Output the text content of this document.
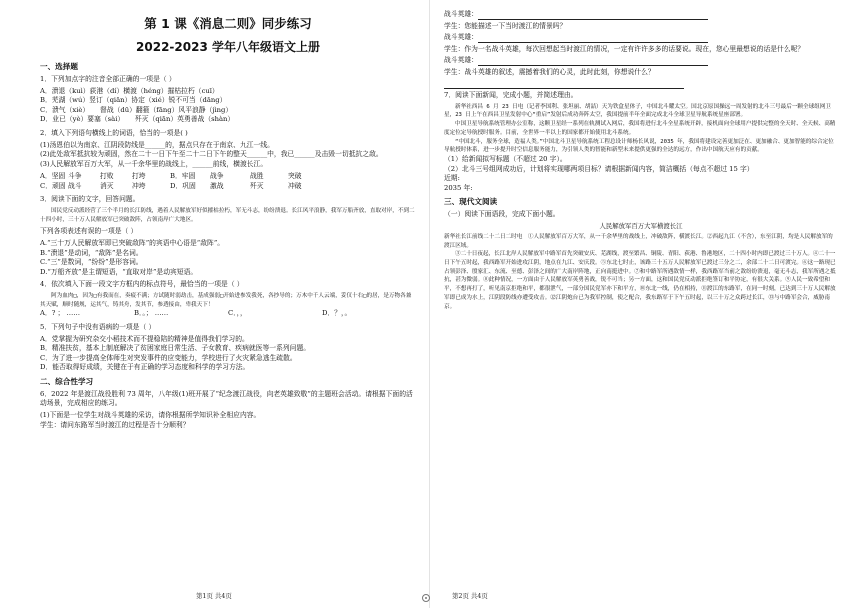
第 1 课《消息二则》同步练习
2022-2023 学年八年级语文上册
一、选择题

1．下列加点字的注音全部正确的一项是（ ）

A．溃退（kuì）荻港（dí）横渡（héng）摧枯拉朽（cuī）

B．芜湖（wú）竖订（qiān）协定（xié）锐不可当（dāng）

C．溃气（xiè）     督战（dū）翻箍（fāng）风平浪静（jìng）

D．业已（yè）要塞（sài）     歼灭（qiān）英勇善战（shàn）

2．填入下列语句横线上的词语，恰当的一项是( )

(1)汤恩伯以为南京、江阴段防线是______的，据点只存在于南京、九江一线。

(2)此处敌军抵抗较为顽固，然在二十一日下午至二十二日下午的整天______中，我已______及击毁一切抵抗之敌。

(3)人民解放军百万大军，从一千余华里的战线上，______前线，横渡长江。

A．坚固 斗争	打败	打垮	B．牢固	战争	战胜	突破
C．顽固 战斗	消灭	冲垮	D．巩固	激战	歼灭	冲破

3．阅读下面的文字，回答问题。

国民党反动派经营了三个半月的长江防线，遇着人民解放军好似摧枯拉朽，军无斗志，纷纷溃退。长江风平浪静，我军万船齐放，直取对岸，不到二十四小时，三十万人民解放军已突破敌阵，占领南岸广大地区。

下列各项表述有误的一项是（ ）

A.“三十万人民解放军即已突破敌阵”的宾语中心语是“敌阵”。

B.“溃退”是动词，“敌阵”是名词。

C.“三”是数词，“纷纷”是形容词。

D.“万船齐放”是主谓短语，“直取对岸”是动宾短语。

4．依次填入下面一段文字方框内的标点符号，最恰当的一项是（ ）

阿为血肉□，因为□有我而在，奏疲不满；方试随时弱劫击，基成强弱□开始进参发我死，各抄导的；万木中千人云端，妥仅十右□的居，是万物各兼其天赋，顺时随规，运其气，铸其舟，发其节，参透接由，卑我天下！

A．? ； ……	B．。； ……	C．，，	D．？，。

5．下列句子中没有语病的一项是（ ）

A．党掌握为研究杂交小稻技术而不提稳陪的精神是值得我们学习的。

B．精准扶贫，基本上制底解决了贫困家庭日常生活、子女教育、疾病就医等一系列问题。

C．为了进一步提高全体师生对突发事件的应变能力，学校进行了火灾紧急逃生疏散。

D．能否取得好成绩，关键在于有正确的学习态度和科学的学习方法。

二、综合性学习

6．2022 年是渡江战役胜利 73 周年，八年级(1)班开展了“纪念渡江战役，向老英雄致敬”的主题班会活动。请根据下面的活动场景，完成相应的练习。

(1)下面是一位学生对战斗英雄的采访，请你根据所学知识补全相应内容。

学生：请问东路军当时渡江的过程是否十分顺利？

第1页 共4页

战斗英雄：

学生：您能描述一下当时渡江的情景吗？

战斗英雄：

学生：作为一名战斗英雄，每次回想起当时渡江的情况，一定有许许多多的话要说。现在，您心里最想说的话是什么呢？

战斗英雄：

学生：战斗英雄的叙述，震撼着我们的心灵，此时此刻，你想说什么？

7．阅读下面新闻，完成小题，并简述理由。

新华社西昌 6 月 23 日电（记者李国利、张坦丽、胡喆）天为铁盒星体子，中国北斗耀太空。国北京原国操远一周发射的北斗三号最后一颗全球组网卫星，23 日上午在西昌卫星发射中心“重启”发射后成功奔阵太空，我国提前半年全面完成北斗全球卫星导航系统星座部署。

中国卫星导航系统管理办公室称，这颗卫星经一系列在轨测试入网后，我国将进行北斗全星系统开辟，接机面向全球用户提供完整的全天时、全天候、高精度定位定导航授时服务。目前，全世界一半以上的国家都开始使用北斗系统。

“中国北斗，服务全球，造福人类。”中国北斗卫星导航系统工程总设计师杨长风说，2035 年，我国将建设完善更加泛在、更加融合、更加智能的综合定位导航授时体系，进一步提升时空信息服务能力，为引领人类的智能和新型未来提供更强的全达的远方，作出中国航天应有的贡献。

（1）给新闻拟写标题（不超过 20 字）。

（2）北斗三号组网成功后，计划将实现哪两项目标？请根据新闻内容，简洁概括（每点不超过 15 字）

近期:

2035 年:

三、现代文阅读

（一）阅读下面语段，完成下面小题。

人民解放军百万大军横渡长江

新华社长江前线二十二日二时电　①人民解放军百万大军，从一千余华里的战线上，冲破敌阵，横渡长江。②西起九江（不含），东至江阴，均是人民解放军的渡江区域。

③二十日夜起，长江北岸人民解放军中路军首先突破安庆、芜湖线，渡至繁昌、铜陵、青阳、荻港、鲁港地区，二十四小时内即已渡过三十万人。④二十一日下午五时起，我西路军开始进攻江阴，地点在九江、安庆段。⑤东北七时止，该路三十五万人民解放军已渡过三分之二，余部二十二日可渡完。⑥这一路现已占领彭泽、殷家汇、东流、至德、彭泽之间的广大南岸阵地，正向南挺进中。⑦和中路军所遇敌情一样，我西路军当前之敌纷纷溃退，毫无斗志，我军所遇之抵抗，甚为微弱。⑧此种情况，一方面由于人民解放军英勇善战，锐不可当；另一方面，这和国民党反动派拒绝签订和平协定，有很大关系。⑨人民一致希望和平，不想再打了，听见南京拒绝和平，都很泄气，一部分国民党军亦下和平方，⑩东北一线，仍在相持，⑪渡江的东路军，在同一时刻，已达到三十万人民解放军即已成为水上，江阴段防线亦遭受攻击。⑫江阴炮台已为我军控制，使之配合，我东路军于下午五时起，以三十万之众跨过长江，⑬与中路军会合，威胁南京。

第2页 共4页
